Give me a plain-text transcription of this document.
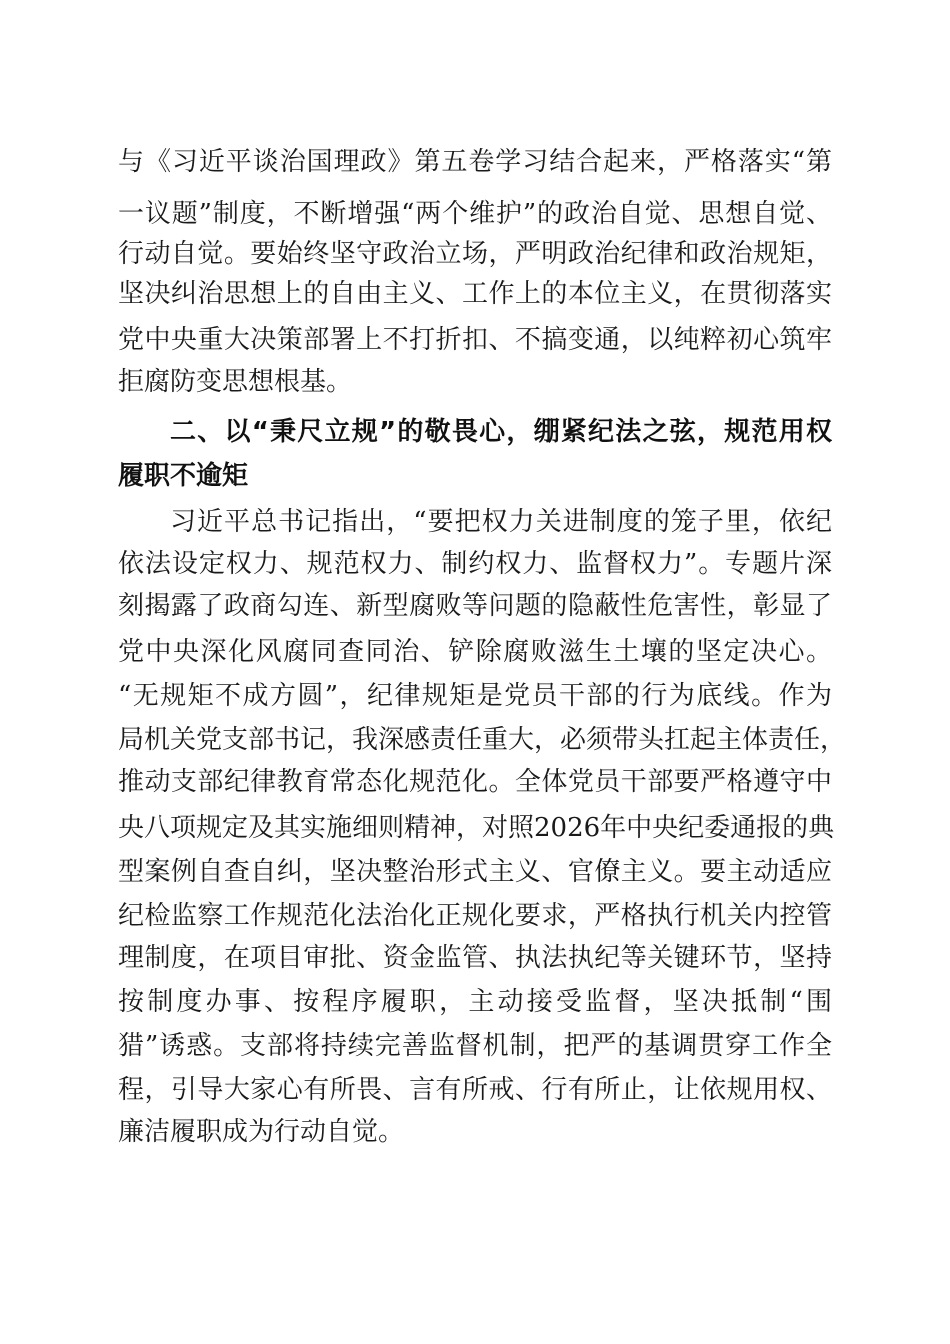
与《习近平谈治国理政》第五卷学习结合起来，严格落实“第
一议题”制度，不断增强“两个维护”的政治自觉、思想自觉、
行动自觉。要始终坚守政治立场，严明政治纪律和政治规矩，
坚决纠治思想上的自由主义、工作上的本位主义，在贯彻落实
党中央重大决策部署上不打折扣、不搞变通，以纯粹初心筑牢
拒腐防变思想根基。
二、以“秉尺立规”的敬畏心，绷紧纪法之弦，规范用权
履职不逾矩
习近平总书记指出，“要把权力关进制度的笼子里，依纪
依法设定权力、规范权力、制约权力、监督权力”。专题片深
刻揭露了政商勾连、新型腐败等问题的隐蔽性危害性，彰显了
党中央深化风腐同查同治、铲除腐败滋生土壤的坚定决心。
“无规矩不成方圆”，纪律规矩是党员干部的行为底线。作为
局机关党支部书记，我深感责任重大，必须带头扛起主体责任，
推动支部纪律教育常态化规范化。全体党员干部要严格遵守中
央八项规定及其实施细则精神，对照2026年中央纪委通报的典
型案例自查自纠，坚决整治形式主义、官僚主义。要主动适应
纪检监察工作规范化法治化正规化要求，严格执行机关内控管
理制度，在项目审批、资金监管、执法执纪等关键环节，坚持
按制度办事、按程序履职，主动接受监督，坚决抵制“围
猎”诱惑。支部将持续完善监督机制，把严的基调贯穿工作全
程，引导大家心有所畏、言有所戒、行有所止，让依规用权、
廉洁履职成为行动自觉。
